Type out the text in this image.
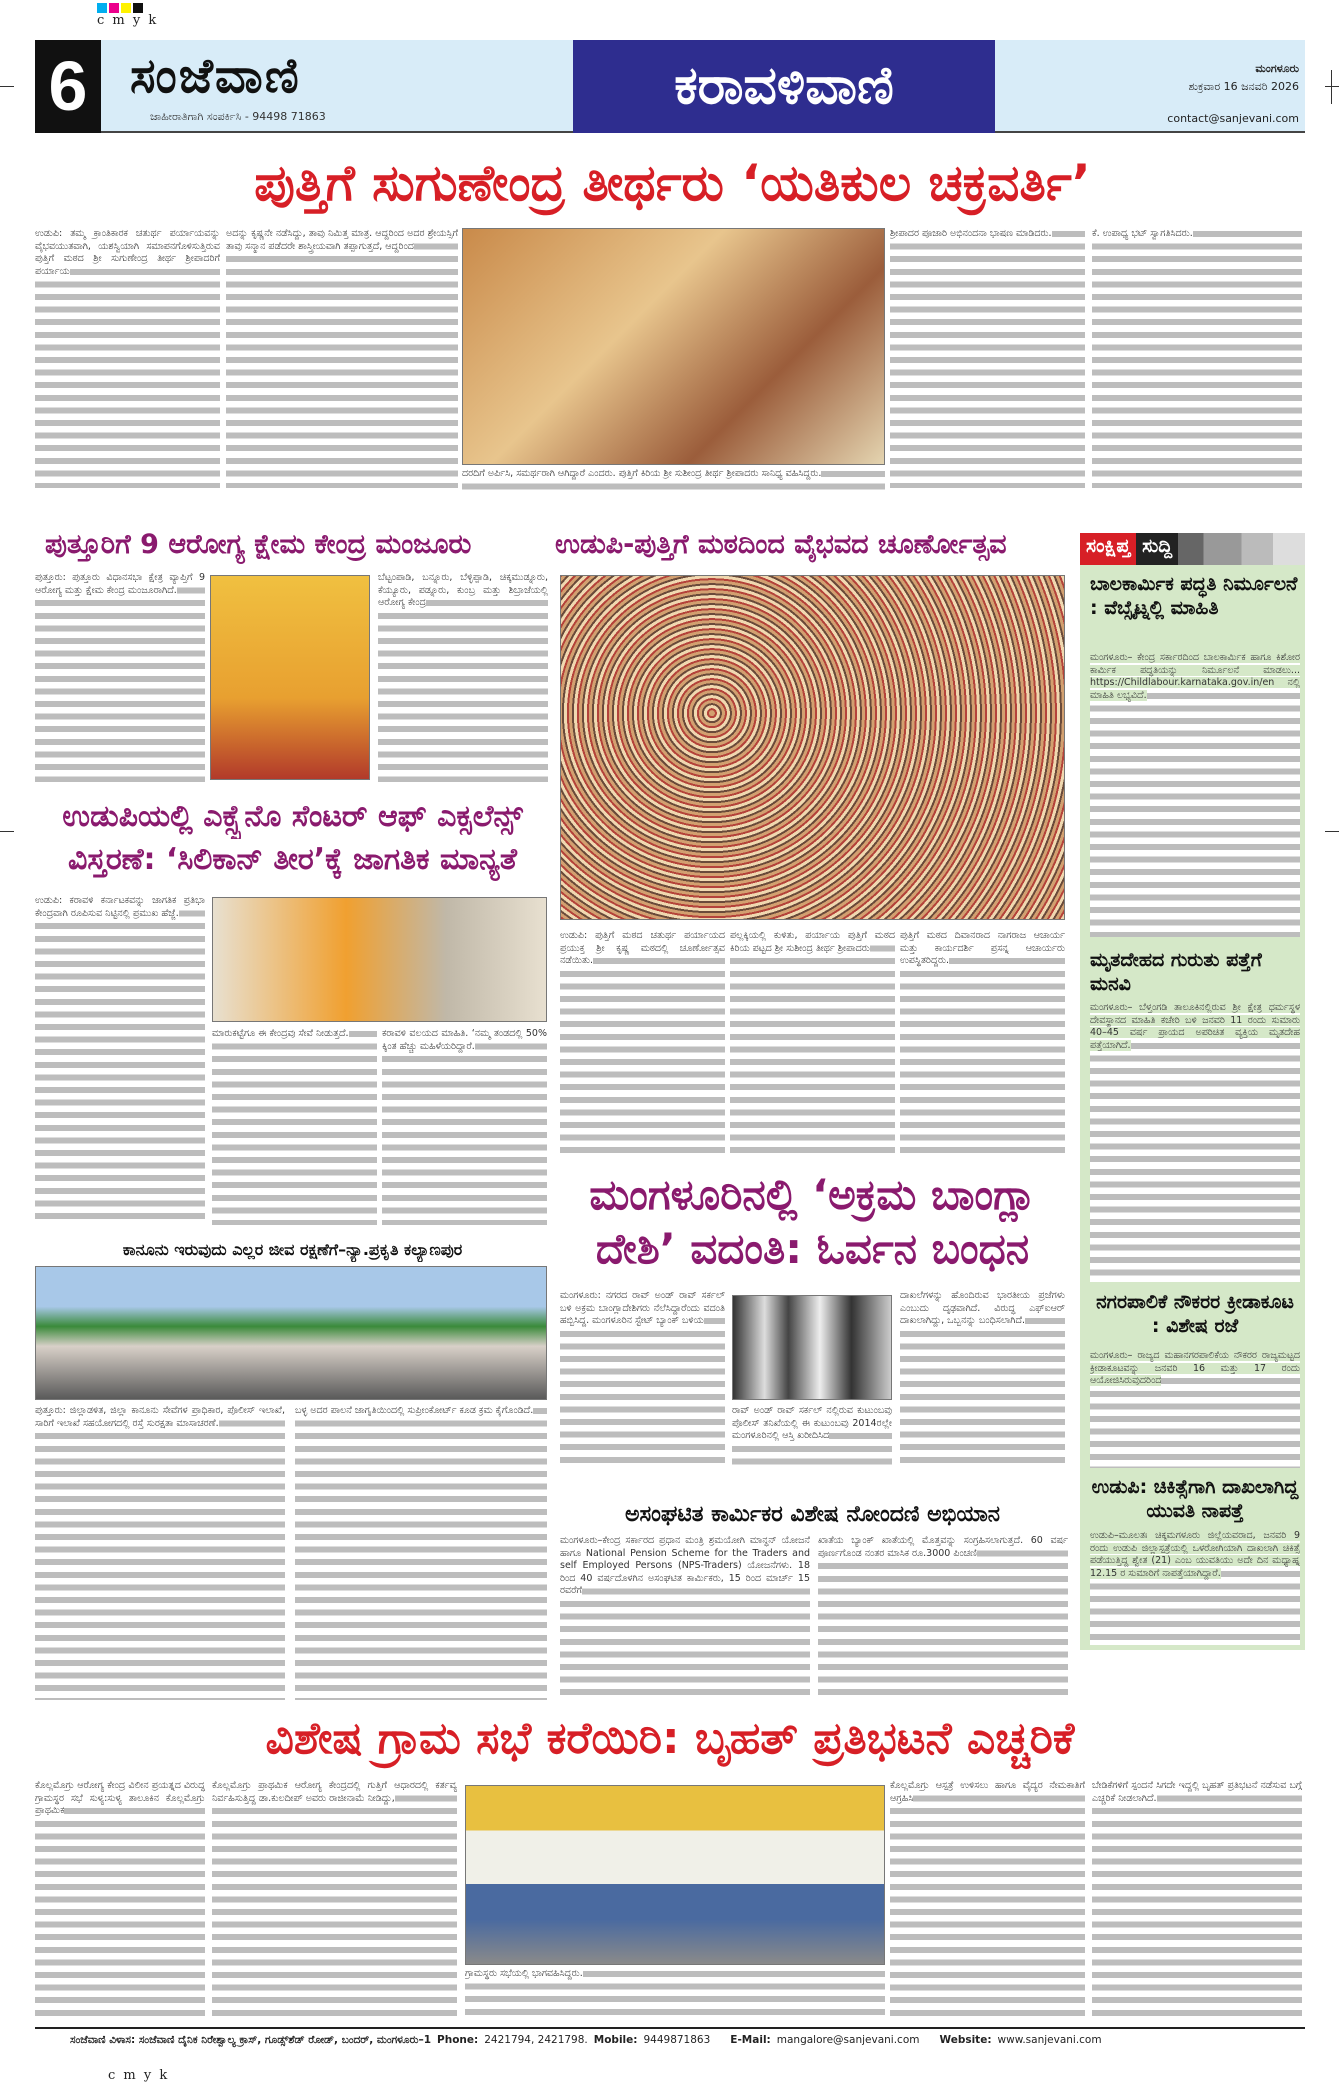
c m y k
6 ಸಂಜೆವಾಣಿ
ಜಾಹೀರಾತಿಗಾಗಿ ಸಂಪರ್ಕಿಸಿ - 94498 71863
ಕರಾವಳಿವಾಣಿ	ಮಂಗಳೂರು
ಶುಕ್ರವಾರ 16 ಜನವರಿ 2026
contact@sanjevani.com
ಪುತ್ತಿಗೆ ಸುಗುಣೇಂದ್ರ ತೀರ್ಥರು ‘ಯತಿಕುಲ ಚಕ್ರವರ್ತಿ’
ಉಡುಪಿ: ತಮ್ಮ ಕ್ರಾಂತಿಕಾರಕ ಚತುರ್ಥ ಪರ್ಯಾಯವನ್ನು ವೈಭವಯುತವಾಗಿ, ಯಶಸ್ವಿಯಾಗಿ ಸಮಾಪನಗೊಳಿಸುತ್ತಿರುವ ಪುತ್ತಿಗೆ ಮಠದ ಶ್ರೀ ಸುಗುಣೇಂದ್ರ ತೀರ್ಥ ಶ್ರೀಪಾದರಿಗೆ ಪರ್ಯಾಯ
ಅದನ್ನು ಕೃಷ್ಣನೇ ನಡೆಸಿದ್ದು, ತಾವು ನಿಮಿತ್ತ ಮಾತ್ರ. ಆದ್ದರಿಂದ ಅದರ ಶ್ರೇಯಸ್ಸಿಗೆ ತಾವು ಸನ್ಮಾನ ಪಡೆದರೇ ಶಾಸ್ತ್ರೀಯವಾಗಿ ತಪ್ಪಾಗುತ್ತದೆ, ಆದ್ದರಿಂದ
ದರದಿಗೆ ಅರ್ಪಿಸಿ, ಸಮರ್ಥರಾಗಿ ಆಗಿದ್ದಾರೆ ಎಂದರು. ಪುತ್ತಿಗೆ ಕಿರಿಯ ಶ್ರೀ ಸುಶೀಂದ್ರ ತೀರ್ಥ ಶ್ರೀಪಾದರು ಸಾನಿಧ್ಯ ವಹಿಸಿದ್ದರು.
ಶ್ರೀಪಾದರ ಪೂಜಾರಿ ಅಭಿನಂದನಾ ಭಾಷಣ ಮಾಡಿದರು.	ಕೆ. ಉಪಾಧ್ಯ ಭಟ್ ಸ್ವಾಗತಿಸಿದರು.
ಪುತ್ತೂರಿಗೆ 9 ಆರೋಗ್ಯ ಕ್ಷೇಮ ಕೇಂದ್ರ ಮಂಜೂರು
ಪುತ್ತೂರು: ಪುತ್ತೂರು ವಿಧಾನಸಭಾ ಕ್ಷೇತ್ರ ವ್ಯಾಪ್ತಿಗೆ 9 ಆರೋಗ್ಯ ಮತ್ತು ಕ್ಷೇಮ ಕೇಂದ್ರ ಮಂಜೂರಾಗಿದೆ.
ಬೆಟ್ಟಂಪಾಡಿ, ಬನ್ನೂರು, ಬೆಳ್ಳಿಪ್ಪಾಡಿ, ಚಿಕ್ಕಮುಡ್ನೂರು, ಕೆಯ್ಯೂರು, ಪಡ್ನೂರು, ಕುಂಬ್ರ ಮತ್ತು ಶಿಬ್ರಾಜೆಯಲ್ಲಿ ಆರೋಗ್ಯ ಕೇಂದ್ರ
ಉಡುಪಿ-ಪುತ್ತಿಗೆ ಮಠದಿಂದ ವೈಭವದ ಚೂರ್ಣೋತ್ಸವ
ಉಡುಪಿ: ಪುತ್ತಿಗೆ ಮಠದ ಚತುರ್ಥ ಪರ್ಯಾಯದ ಪ್ರಯುಕ್ತ ಶ್ರೀ ಕೃಷ್ಣ ಮಠದಲ್ಲಿ ಚೂರ್ಣೋತ್ಸವ ನಡೆಯಿತು.
ಪಲ್ಲಕ್ಕಿಯಲ್ಲಿ ಕುಳಿತು, ಪರ್ಯಾಯ ಪುತ್ತಿಗೆ ಮಠದ ಕಿರಿಯ ಪಟ್ಟದ ಶ್ರೀ ಸುಶೀಂದ್ರ ತೀರ್ಥ ಶ್ರೀಪಾದರು
ಪುತ್ತಿಗೆ ಮಠದ ದಿವಾನರಾದ ನಾಗರಾಜ ಆಚಾರ್ಯ ಮತ್ತು ಕಾರ್ಯದರ್ಶಿ ಪ್ರಸನ್ನ ಆಚಾರ್ಯರು ಉಪಸ್ಥಿತರಿದ್ದರು.
ಉಡುಪಿಯಲ್ಲಿ ಎಕ್ಸ್ಪೆನೊ ಸೆಂಟರ್ ಆಫ್ ಎಕ್ಸಲೆನ್ಸ್
ವಿಸ್ತರಣೆ: ‘ಸಿಲಿಕಾನ್ ತೀರ’ಕ್ಕೆ ಜಾಗತಿಕ ಮಾನ್ಯತೆ
ಉಡುಪಿ: ಕರಾವಳಿ ಕರ್ನಾಟಕವನ್ನು ಜಾಗತಿಕ ಪ್ರತಿಭಾ ಕೇಂದ್ರವಾಗಿ ರೂಪಿಸುವ ನಿಟ್ಟಿನಲ್ಲಿ ಪ್ರಮುಖ ಹೆಜ್ಜೆ.
ಮಾರುಕಟ್ಟೆಗೂ ಈ ಕೇಂದ್ರವು ಸೇವೆ ನೀಡುತ್ತದೆ.	ಕರಾವಳಿ ವಲಯದ ಮಾಹಿತಿ. ‘ನಮ್ಮ ತಂಡದಲ್ಲಿ 50% ಕ್ಕಿಂತ ಹೆಚ್ಚು ಮಹಿಳೆಯರಿದ್ದಾರೆ.
ಕಾನೂನು ಇರುವುದು ಎಲ್ಲರ ಜೀವ ರಕ್ಷಣೆಗೆ–ನ್ಯಾ.ಪ್ರಕೃತಿ ಕಲ್ಯಾಣಪುರ
ಪುತ್ತೂರು: ಜಿಲ್ಲಾಡಳಿತ, ಜಿಲ್ಲಾ ಕಾನೂನು ಸೇವೆಗಳ ಪ್ರಾಧಿಕಾರ, ಪೊಲೀಸ್ ಇಲಾಖೆ, ಸಾರಿಗೆ ಇಲಾಖೆ ಸಹಯೋಗದಲ್ಲಿ ರಸ್ತೆ ಸುರಕ್ಷತಾ ಮಾಸಾಚರಣೆ.
ಬಳ್ಳ ಅದರ ಪಾಲನೆ ಜಾಗೃತಿಯಿಂದಲ್ಲಿ ಸುಪ್ರೀಂಕೋರ್ಟ್ ಕೂಡ ಕ್ರಮ ಕೈಗೊಂಡಿದೆ.
ಮಂಗಳೂರಿನಲ್ಲಿ ‘ಅಕ್ರಮ ಬಾಂಗ್ಲಾ
ದೇಶಿ’ ವದಂತಿ: ಓರ್ವನ ಬಂಧನ
ಮಂಗಳೂರು: ನಗರದ ರಾವ್ ಅಂಡ್ ರಾವ್ ಸರ್ಕಲ್ ಬಳಿ ಅಕ್ರಮ ಬಾಂಗ್ಲಾದೇಶಿಗರು ನೆಲೆಸಿದ್ದಾರೆಂದು ವದಂತಿ ಹಬ್ಬಿಸಿದ್ದ. ಮಂಗಳೂರಿನ ಸ್ಟೇಟ್ ಬ್ಯಾಂಕ್ ಬಳಿಯ
ರಾವ್ ಅಂಡ್ ರಾವ್ ಸರ್ಕಲ್ ನಲ್ಲಿರುವ ಕುಟುಂಬವು ಪೊಲೀಸ್ ತನಿಖೆಯಲ್ಲಿ ಈ ಕುಟುಂಬವು 2014ರಲ್ಲೇ ಮಂಗಳೂರಿನಲ್ಲಿ ಆಸ್ತಿ ಖರೀದಿಸಿದ
ದಾಖಲೆಗಳನ್ನು ಹೊಂದಿರುವ ಭಾರತೀಯ ಪ್ರಜೆಗಳು ಎಂಬುದು ದೃಢವಾಗಿದೆ. ವಿರುದ್ಧ ಎಫ್ಐಆರ್ ದಾಖಲಾಗಿದ್ದು, ಒಬ್ಬನನ್ನು ಬಂಧಿಸಲಾಗಿದೆ.
ಅಸಂಘಟಿತ ಕಾರ್ಮಿಕರ ವಿಶೇಷ ನೋಂದಣಿ ಅಭಿಯಾನ
ಮಂಗಳೂರು–ಕೇಂದ್ರ ಸರ್ಕಾರದ ಪ್ರಧಾನ ಮಂತ್ರಿ ಶ್ರಮಯೋಗಿ ಮಾನ್ಧನ್ ಯೋಜನೆ ಹಾಗೂ National Pension Scheme for the Traders and self Employed Persons (NPS-Traders) ಯೋಜನೆಗಳು. 18 ರಿಂದ 40 ವರ್ಷದೊಳಗಿನ ಅಸಂಘಟಿತ ಕಾರ್ಮಿಕರು, 15 ರಿಂದ ಮಾರ್ಚ್ 15 ರವರೆಗೆ
ಖಾತೆಯ ಬ್ಯಾಂಕ್ ಖಾತೆಯಲ್ಲಿ ಮೊತ್ತವನ್ನು ಸಂಗ್ರಹಿಸಲಾಗುತ್ತದೆ. 60 ವರ್ಷ ಪೂರ್ಣಗೊಂಡ ನಂತರ ಮಾಸಿಕ ರೂ.3000 ಪಿಂಚಣಿ
ಸಂಕ್ಷಿಪ್ತ ಸುದ್ದಿ
ಬಾಲಕಾರ್ಮಿಕ ಪದ್ಧತಿ ನಿರ್ಮೂಲನೆ : ವೆಬ್ಸೈಟ್ನಲ್ಲಿ ಮಾಹಿತಿ
ಮಂಗಳೂರು– ಕೇಂದ್ರ ಸರ್ಕಾರದಿಂದ ಬಾಲಕಾರ್ಮಿಕ ಹಾಗೂ ಕಿಶೋರ ಕಾರ್ಮಿಕ ಪದ್ಧತಿಯನ್ನು ನಿರ್ಮೂಲನೆ ಮಾಡಲು... https://Childlabour.karnataka.gov.in/en ನಲ್ಲಿ ಮಾಹಿತಿ ಲಭ್ಯವಿದೆ.
ಮೃತದೇಹದ ಗುರುತು ಪತ್ತೆಗೆ ಮನವಿ
ಮಂಗಳೂರು– ಬೆಳ್ತಂಗಡಿ ತಾಲೂಕಿನಲ್ಲಿರುವ ಶ್ರೀ ಕ್ಷೇತ್ರ ಧರ್ಮಸ್ಥಳ ದೇವಸ್ಥಾನದ ಮಾಹಿತಿ ಕಚೇರಿ ಬಳಿ ಜನವರಿ 11 ರಂದು ಸುಮಾರು 40–45 ವರ್ಷ ಪ್ರಾಯದ ಅಪರಿಚಿತ ವ್ಯಕ್ತಿಯ ಮೃತದೇಹ ಪತ್ತೆಯಾಗಿದೆ.
ನಗರಪಾಲಿಕೆ ನೌಕರರ ಕ್ರೀಡಾಕೂಟ : ವಿಶೇಷ ರಜೆ
ಮಂಗಳೂರು– ರಾಜ್ಯದ ಮಹಾನಗರಪಾಲಿಕೆಯ ನೌಕರರ ರಾಜ್ಯಮಟ್ಟದ ಕ್ರೀಡಾಕೂಟವನ್ನು ಜನವರಿ 16 ಮತ್ತು 17 ರಂದು ಆಯೋಜಿಸಿರುವುದರಿಂದ
ಉಡುಪಿ: ಚಿಕಿತ್ಸೆಗಾಗಿ ದಾಖಲಾಗಿದ್ದ ಯುವತಿ ನಾಪತ್ತೆ
ಉಡುಪಿ–ಮೂಲತಃ ಚಿಕ್ಕಮಗಳೂರು ಜಿಲ್ಲೆಯವರಾದ, ಜನವರಿ 9 ರಂದು ಉಡುಪಿ ಜಿಲ್ಲಾಸ್ಪತ್ರೆಯಲ್ಲಿ ಒಳರೋಗಿಯಾಗಿ ದಾಖಲಾಗಿ ಚಿಕಿತ್ಸೆ ಪಡೆಯುತ್ತಿದ್ದ ಶ್ವೇತ (21) ಎಂಬ ಯುವತಿಯು ಅದೇ ದಿನ ಮಧ್ಯಾಹ್ನ 12.15 ರ ಸುಮಾರಿಗೆ ನಾಪತ್ತೆಯಾಗಿದ್ದಾರೆ.
ವಿಶೇಷ ಗ್ರಾಮ ಸಭೆ ಕರೆಯಿರಿ: ಬೃಹತ್ ಪ್ರತಿಭಟನೆ ಎಚ್ಚರಿಕೆ
ಕೊಲ್ಲಮೊಗ್ರು ಆರೋಗ್ಯ ಕೇಂದ್ರ ವಿಲೀನ ಪ್ರಯತ್ನದ ವಿರುದ್ಧ ಗ್ರಾಮಸ್ಥರ ಸಭೆ ಸುಳ್ಯ:ಸುಳ್ಯ ತಾಲೂಕಿನ ಕೊಲ್ಲಮೊಗ್ರು ಪ್ರಾಥಮಿಕ
ಕೊಲ್ಲಮೊಗ್ರು ಪ್ರಾಥಮಿಕ ಆರೋಗ್ಯ ಕೇಂದ್ರದಲ್ಲಿ ಗುತ್ತಿಗೆ ಆಧಾರದಲ್ಲಿ ಕರ್ತವ್ಯ ನಿರ್ವಹಿಸುತ್ತಿದ್ದ ಡಾ.ಕುಲದೀಪ್ ಅವರು ರಾಜೀನಾಮೆ ನೀಡಿದ್ದು,
ಗ್ರಾಮಸ್ಥರು ಸಭೆಯಲ್ಲಿ ಭಾಗವಹಿಸಿದ್ದರು.
ಕೊಲ್ಲಮೊಗ್ರು ಆಸ್ಪತ್ರೆ ಉಳಿಸಲು ಹಾಗೂ ವೈದ್ಯರ ನೇಮಕಾತಿಗೆ ಆಗ್ರಹಿಸಿ
ಬೇಡಿಕೆಗಳಿಗೆ ಸ್ಪಂದನೆ ಸಿಗದೇ ಇದ್ದಲ್ಲಿ ಬೃಹತ್ ಪ್ರತಿಭಟನೆ ನಡೆಸುವ ಬಗ್ಗೆ ಎಚ್ಚರಿಕೆ ನೀಡಲಾಗಿದೆ.
ಸಂಜೆವಾಣಿ ವಿಳಾಸ: ಸಂಜೆವಾಣಿ ದೈನಿಕ ನಿರೇಶ್ವಾಲ್ಯ ಕ್ರಾಸ್, ಗೂಡ್ಸ್‌ಶೆಡ್ ರೋಡ್, ಬಂದರ್, ಮಂಗಳೂರು–1 Phone: 2421794, 2421798. Mobile: 9449871863 E-Mail: mangalore@sanjevani.com Website: www.sanjevani.com
c m y k
